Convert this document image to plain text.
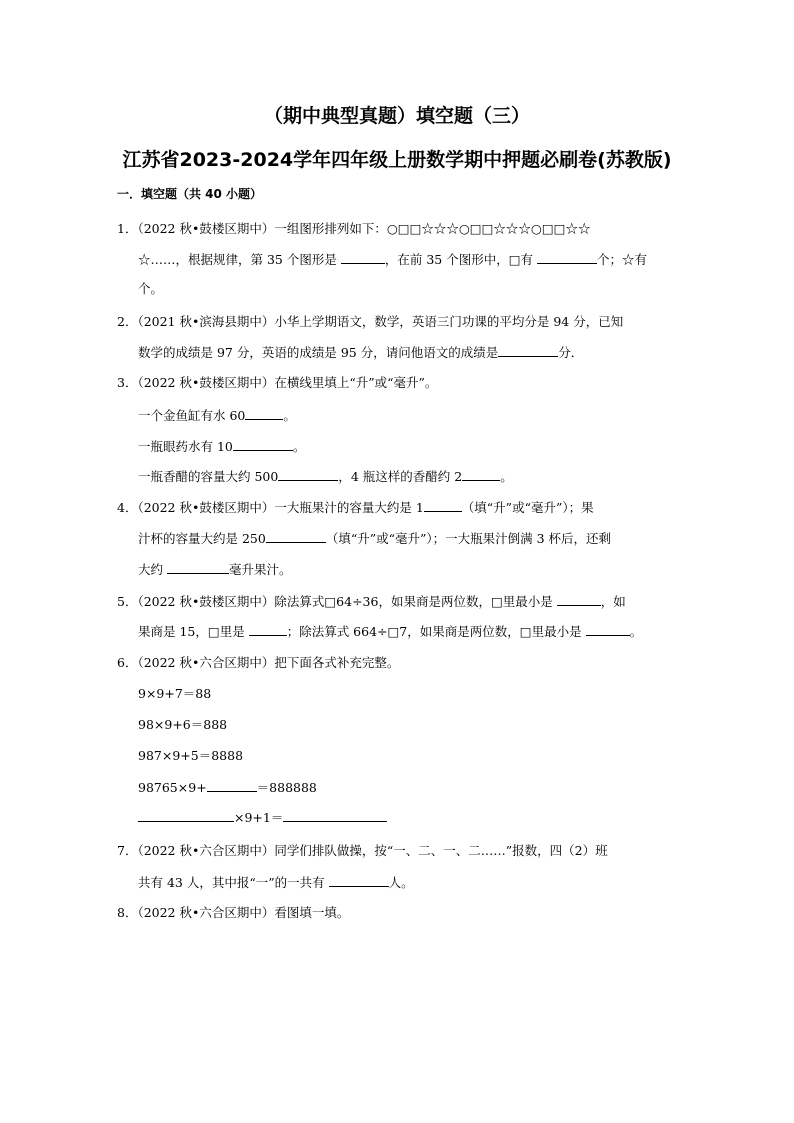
（期中典型真题）填空题（三）
江苏省2023-2024学年四年级上册数学期中押题必刷卷(苏教版)
一．填空题（共 40 小题）
1．（2022 秋•鼓楼区期中）一组图形排列如下：○□□☆☆☆○□□☆☆☆○□□☆☆
☆……，根据规律，第 35 个图形是	，在前 35 个图形中，□有	个；☆有
个。
2．（2021 秋•滨海县期中）小华上学期语文，数学，英语三门功课的平均分是 94 分，已知
数学的成绩是 97 分，英语的成绩是 95 分，请问他语文的成绩是	分．
3．（2022 秋•鼓楼区期中）在横线里填上“升”或“毫升”。
一个金鱼缸有水 60	。
一瓶眼药水有 10	。
一瓶香醋的容量大约 500	，4 瓶这样的香醋约 2	。
4．（2022 秋•鼓楼区期中）一大瓶果汁的容量大约是 1	（填“升”或“毫升”）；果
汁杯的容量大约是 250	（填“升”或“毫升”）；一大瓶果汁倒满 3 杯后，还剩
大约	毫升果汁。
5．（2022 秋•鼓楼区期中）除法算式□64÷36，如果商是两位数，□里最小是	，如
果商是 15，□里是	；除法算式 664÷□7，如果商是两位数，□里最小是	。
6．（2022 秋•六合区期中）把下面各式补充完整。
9×9+7＝88
98×9+6＝888
987×9+5＝8888
98765×9+	＝888888
×9+1＝
7．（2022 秋•六合区期中）同学们排队做操，按“一、二、一、二……”报数，四（2）班
共有 43 人，其中报“一”的一共有	人。
8．（2022 秋•六合区期中）看图填一填。
